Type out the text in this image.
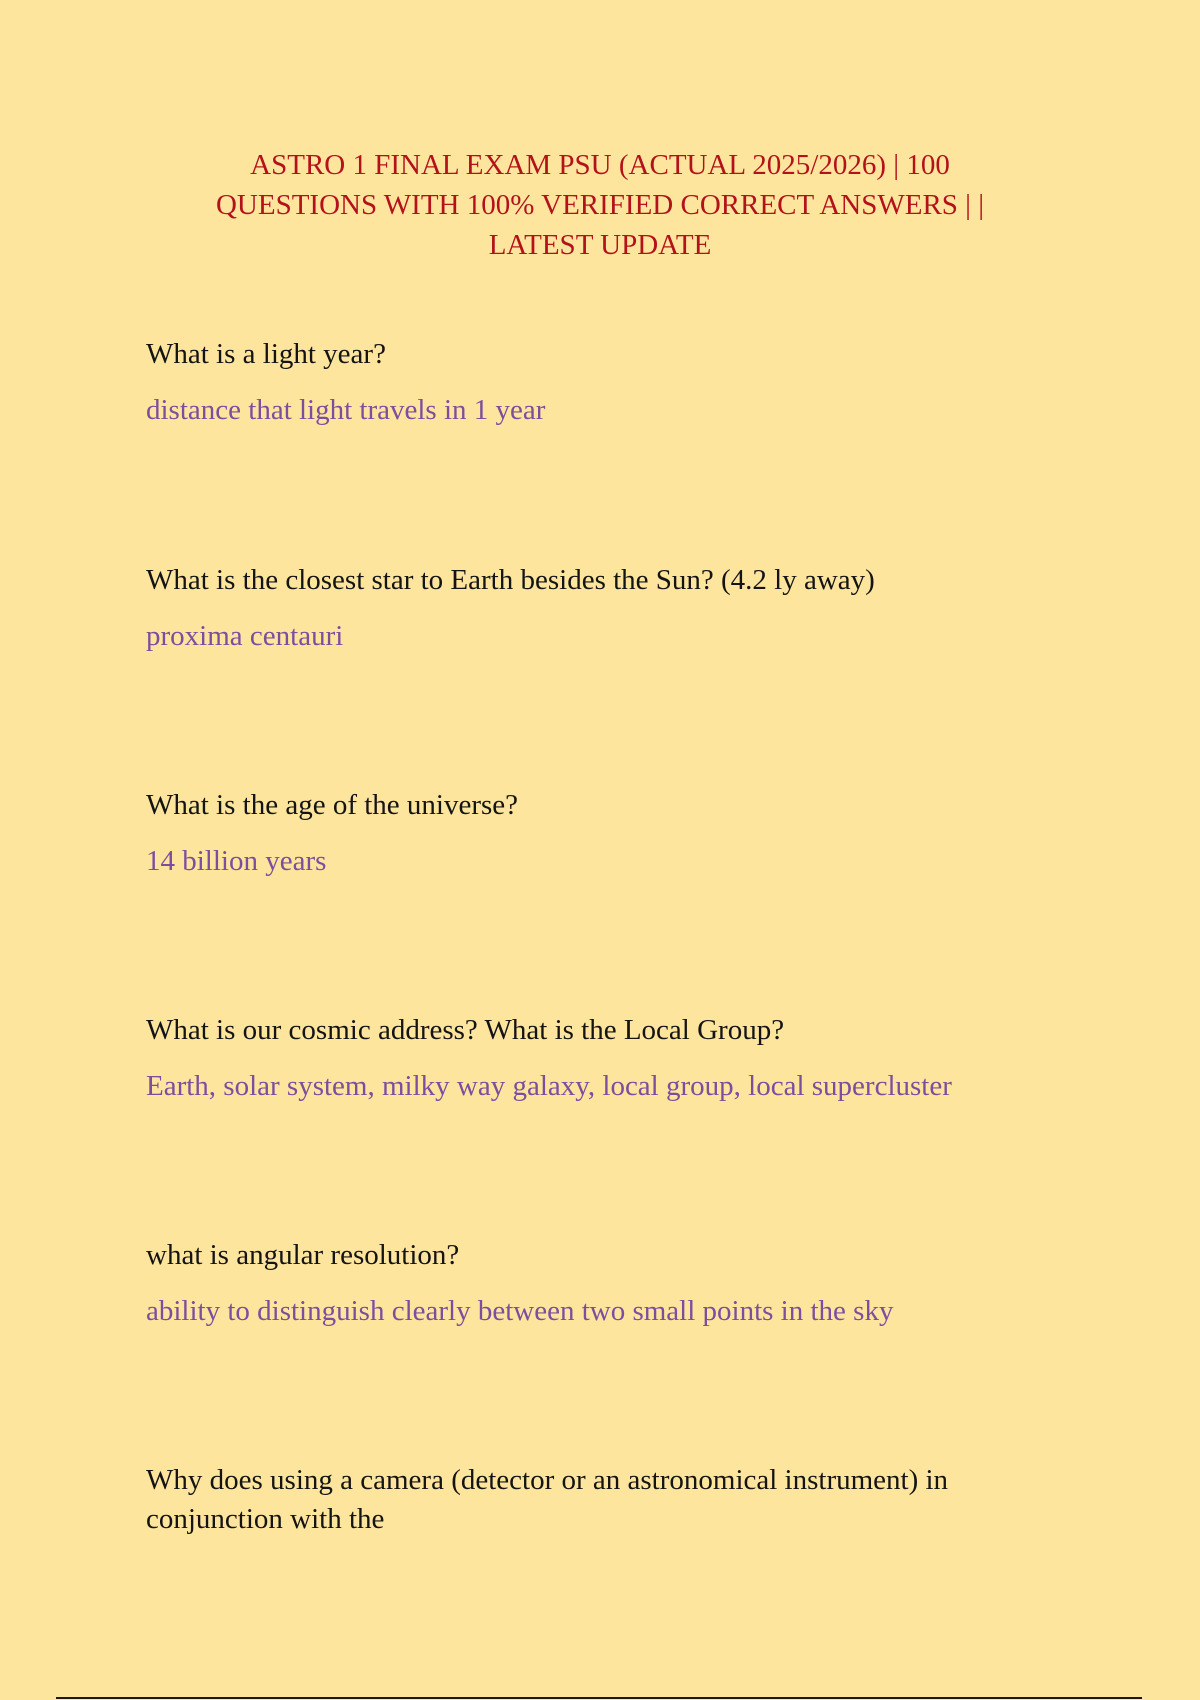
ASTRO 1 FINAL EXAM PSU (ACTUAL 2025/2026) | 100
QUESTIONS WITH 100% VERIFIED CORRECT ANSWERS | |
LATEST UPDATE

What is a light year?

distance that light travels in 1 year

What is the closest star to Earth besides the Sun? (4.2 ly away)

proxima centauri

What is the age of the universe?

14 billion years

What is our cosmic address? What is the Local Group?

Earth, solar system, milky way galaxy, local group, local supercluster

what is angular resolution?

ability to distinguish clearly between two small points in the sky

Why does using a camera (detector or an astronomical instrument) in conjunction with the
